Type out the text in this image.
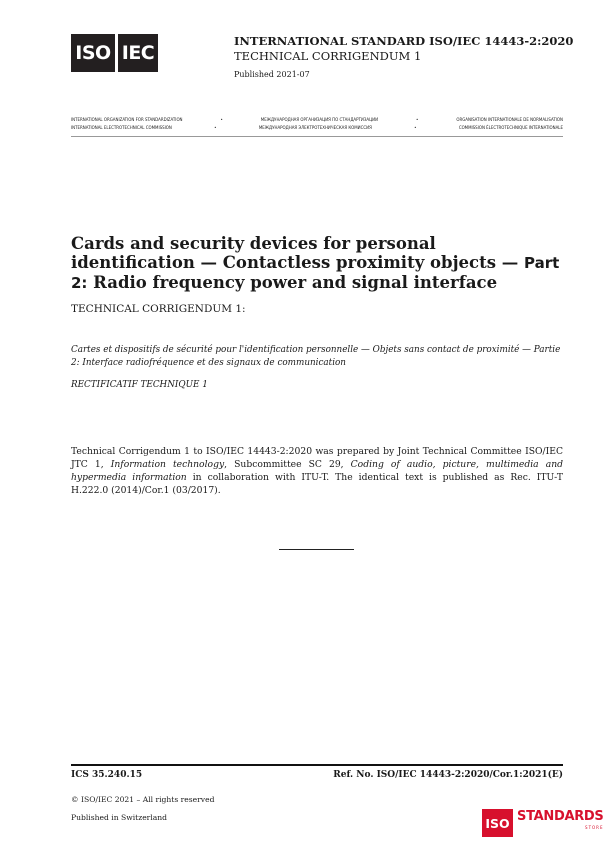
ISO IEC
INTERNATIONAL STANDARD ISO/IEC 14443-2:2020
TECHNICAL CORRIGENDUM 1
Published 2021-07
INTERNATIONAL ORGANIZATION FOR STANDARDIZATION	•	МЕЖДУНАРОДНАЯ ОРГАНИЗАЦИЯ ПО СТАНДАРТИЗАЦИИ	•	ORGANISATION INTERNATIONALE DE NORMALISATION
INTERNATIONAL ELECTROTECHNICAL COMMISSION	•	МЕЖДУНАРОДНАЯ ЭЛЕКТРОТЕХНИЧЕСКАЯ КОМИССИЯ	•	COMMISSION ÉLECTROTECHNIQUE INTERNATIONALE
Cards and security devices for personal identification — Contactless proximity objects — Part 2: Radio frequency power and signal interface
TECHNICAL CORRIGENDUM 1:
Cartes et dispositifs de sécurité pour l'identification personnelle — Objets sans contact de proximité — Partie 2: Interface radiofréquence et des signaux de communication
RECTIFICATIF TECHNIQUE 1
Technical Corrigendum 1 to ISO/IEC 14443-2:2020 was prepared by Joint Technical Committee ISO/IEC JTC 1, Information technology, Subcommittee SC 29, Coding of audio, picture, multimedia and hypermedia information in collaboration with ITU-T. The identical text is published as Rec. ITU-T H.222.0 (2014)/Cor.1 (03/2017).
ICS 35.240.15	Ref. No. ISO/IEC 14443-2:2020/Cor.1:2021(E)
© ISO/IEC 2021 – All rights reserved
Published in Switzerland	ISO STANDARDS
STORE
